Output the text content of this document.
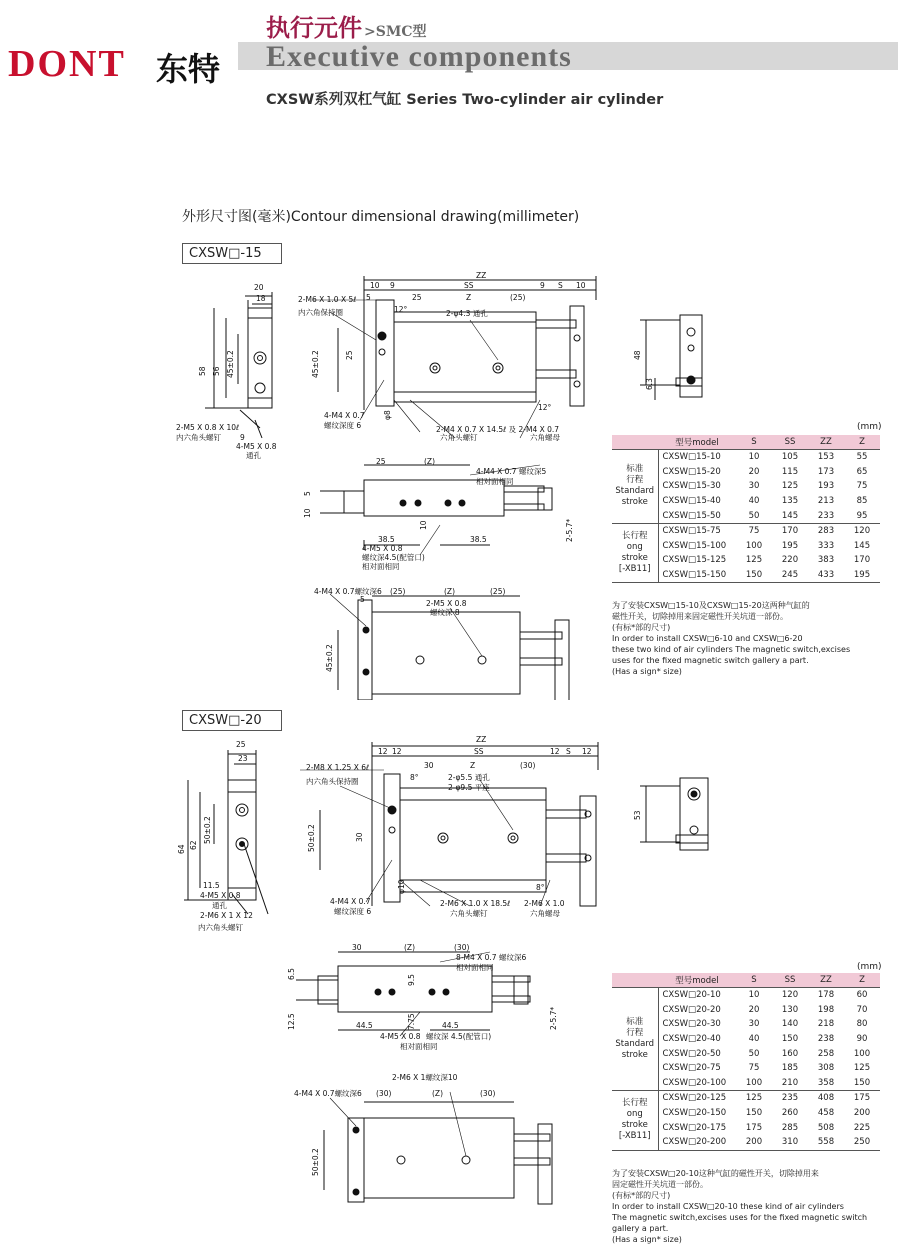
DONT 东特
执行元件 >SMC型
Executive components
CXSW系列双杠气缸 Series Two-cylinder air cylinder
外形尺寸图(毫米)Contour dimensional drawing(millimeter)
CXSW□-15
20
18
58 56 45±0.2
2-M5 X 0.8 X 10ℓ
内六角头螺钉	9
4-M5 X 0.8
通孔
ZZ
10 9	SS	9 S 10
5	25	Z	(25)
2-M6 X 1.0 X 5ℓ
内六角保持圈	2-φ4.3 通孔
12°
45±0.2	25
φ8
12°
4-M4 X 0.7
螺纹深度 6	2-M4 X 0.7 X 14.5ℓ 及 2-M4 X 0.7
六角头螺钉	六角螺母
48
6.3
25	(Z)
4-M4 X 0.7 螺纹深5
相对面相同
5
10
10	2-5.7*
38.5	38.5
4-M5 X 0.8
螺纹深4.5(配管口)
相对面相同
4-M4 X 0.7螺纹深6 (25)	(Z)	(25)
5	2-M5 X 0.8
螺纹深 8
45±0.2
(mm)
	型号model	S	SS	ZZ	Z
标准
行程
Standard
stroke	CXSW□15-10	10	105	153	55
	CXSW□15-20	20	115	173	65
	CXSW□15-30	30	125	193	75
	CXSW□15-40	40	135	213	85
	CXSW□15-50	50	145	233	95
长行程
ong
stroke
[-XB11]	CXSW□15-75	75	170	283	120
	CXSW□15-100	100	195	333	145
	CXSW□15-125	125	220	383	170
	CXSW□15-150	150	245	433	195
为了安装CXSW□15-10及CXSW□15-20这两种气缸的
磁性开关，切除掉用来固定磁性开关坑道一部份。
(有标*部的尺寸)
In order to install CXSW□6-10 and CXSW□6-20
these two kind of air cylinders The magnetic switch,excises
uses for the fixed magnetic switch gallery a part.
(Has a sign* size)
CXSW□-20
25
23
64 62
50±0.2
11.5
4-M5 X 0.8
通孔
2-M6 X 1 X 12
内六角头螺钉
ZZ
12 12	SS	12 S 12
30	Z	(30)
8°
2-M8 X 1.25 X 6ℓ
内六角头保持圈	2-φ5.5 通孔
2-φ9.5 平座
50±0.2	30
φ10	8°
4-M4 X 0.7
螺纹深度 6
2-M6 X 1.0 X 18.5ℓ 2-M6 X 1.0
六角头螺钉	六角螺母
53
30	(Z)	(30)
8-M4 X 0.7 螺纹深6
相对面相同
6.5
12.5
9.5
7.75	2-5.7*
44.5	44.5
4-M5 X 0.8 螺纹深 4.5(配管口)
相对面相同
2-M6 X 1螺纹深10
4-M4 X 0.7螺纹深6 (30)	(Z)	(30)
50±0.2
(mm)
	型号model	S	SS	ZZ	Z
标准
行程
Standard
stroke	CXSW□20-10	10	120	178	60
	CXSW□20-20	20	130	198	70
	CXSW□20-30	30	140	218	80
	CXSW□20-40	40	150	238	90
	CXSW□20-50	50	160	258	100
	CXSW□20-75	75	185	308	125
	CXSW□20-100	100	210	358	150
长行程
ong
stroke
[-XB11]	CXSW□20-125	125	235	408	175
	CXSW□20-150	150	260	458	200
	CXSW□20-175	175	285	508	225
	CXSW□20-200	200	310	558	250
为了安装CXSW□20-10这种气缸的磁性开关，切除掉用来
固定磁性开关坑道一部份。
(有标*部的尺寸)
In order to install CXSW□20-10 these kind of air cylinders
The magnetic switch,excises uses for the fixed magnetic switch
gallery a part.
(Has a sign* size)
